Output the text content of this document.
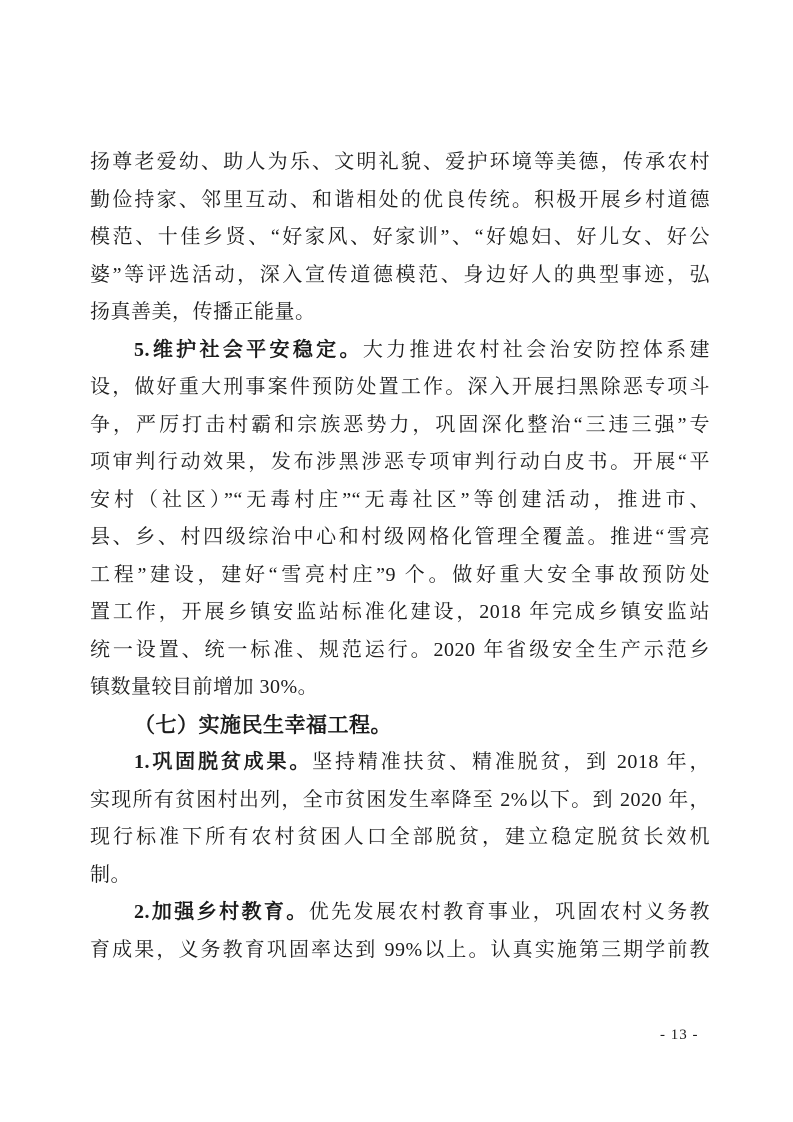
扬尊老爱幼、助人为乐、文明礼貌、爱护环境等美德，传承农村
勤俭持家、邻里互动、和谐相处的优良传统。积极开展乡村道德
模范、十佳乡贤、“好家风、好家训”、“好媳妇、好儿女、好公
婆”等评选活动，深入宣传道德模范、身边好人的典型事迹，弘
扬真善美，传播正能量。
5.维护社会平安稳定。大力推进农村社会治安防控体系建
设，做好重大刑事案件预防处置工作。深入开展扫黑除恶专项斗
争，严厉打击村霸和宗族恶势力，巩固深化整治“三违三强”专
项审判行动效果，发布涉黑涉恶专项审判行动白皮书。开展“平
安村（社区）”“无毒村庄”“无毒社区”等创建活动，推进市、
县、乡、村四级综治中心和村级网格化管理全覆盖。推进“雪亮
工程”建设，建好“雪亮村庄”9 个。做好重大安全事故预防处
置工作，开展乡镇安监站标准化建设，2018 年完成乡镇安监站
统一设置、统一标准、规范运行。2020 年省级安全生产示范乡
镇数量较目前增加 30%。
（七）实施民生幸福工程。
1.巩固脱贫成果。坚持精准扶贫、精准脱贫，到 2018 年，
实现所有贫困村出列，全市贫困发生率降至 2%以下。到 2020 年，
现行标准下所有农村贫困人口全部脱贫，建立稳定脱贫长效机
制。
2.加强乡村教育。优先发展农村教育事业，巩固农村义务教
育成果，义务教育巩固率达到 99%以上。认真实施第三期学前教
- 13 -
